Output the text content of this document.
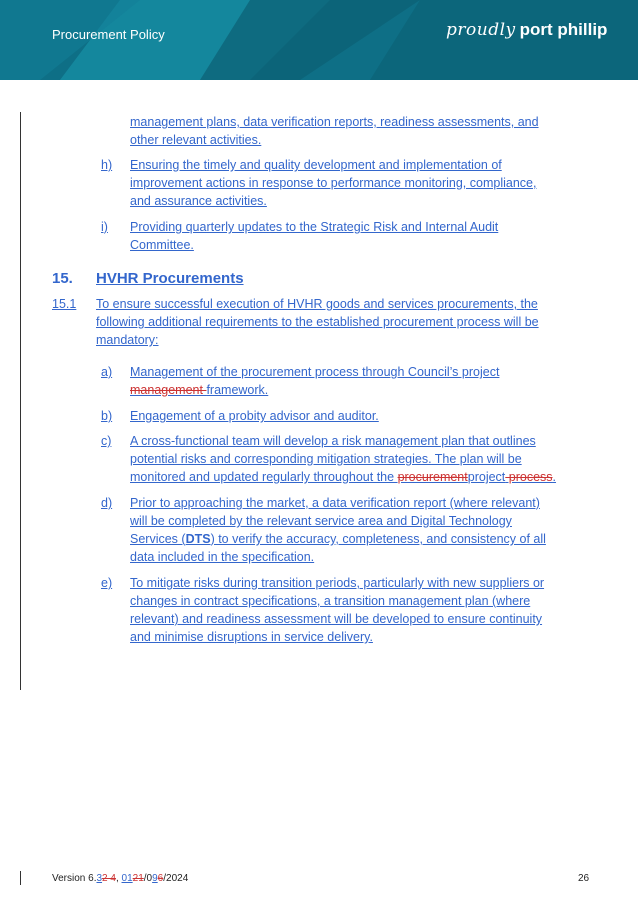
Procurement Policy	proudly port phillip
management plans, data verification reports, readiness assessments, and
other relevant activities.
h) Ensuring the timely and quality development and implementation of
improvement actions in response to performance monitoring, compliance,
and assurance activities.
i) Providing quarterly updates to the Strategic Risk and Internal Audit
Committee.
15. HVHR Procurements
15.1 To ensure successful execution of HVHR goods and services procurements, the
following additional requirements to the established procurement process will be
mandatory:
a) Management of the procurement process through Council’s project
management framework.
b) Engagement of a probity advisor and auditor.
c) A cross-functional team will develop a risk management plan that outlines
potential risks and corresponding mitigation strategies. The plan will be
monitored and updated regularly throughout the procurementproject process.
d) Prior to approaching the market, a data verification report (where relevant)
will be completed by the relevant service area and Digital Technology
Services (DTS) to verify the accuracy, completeness, and consistency of all
data included in the specification.
e) To mitigate risks during transition periods, particularly with new suppliers or
changes in contract specifications, a transition management plan (where
relevant) and readiness assessment will be developed to ensure continuity
and minimise disruptions in service delivery.
Version 6.32 4, 0121/096/2024	26
